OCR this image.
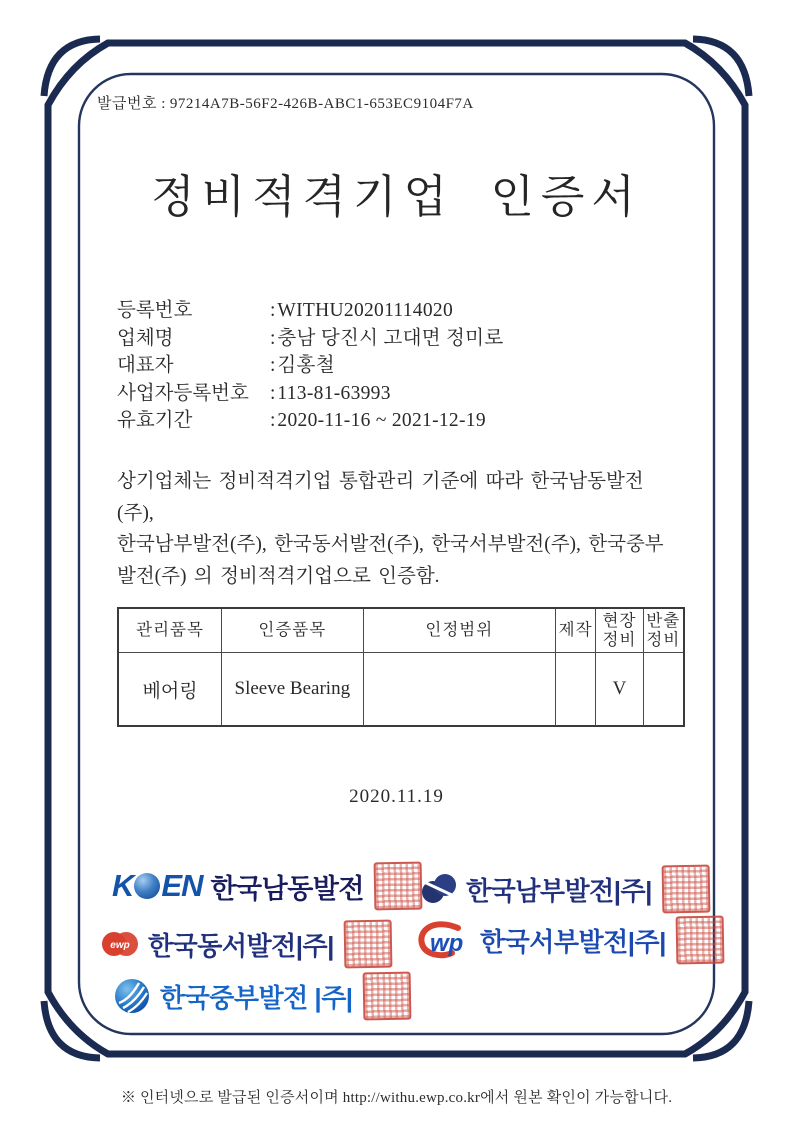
발급번호 : 97214A7B-56F2-426B-ABC1-653EC9104F7A
정비적격기업  인증서
등록번호	: WITHU20201114020
업체명	: 충남 당진시 고대면 정미로
대표자	: 김홍철
사업자등록번호 : 113-81-63993
유효기간	: 2020-11-16 ~ 2021-12-19
상기업체는 정비적격기업 통합관리 기준에 따라 한국남동발전
(주),
한국남부발전(주), 한국동서발전(주), 한국서부발전(주), 한국중부
발전(주) 의 정비적격기업으로 인증함.
관리품목	인증품목	인정범위	제작	현장 정비	반출 정비
베어링	Sleeve Bearing			V	
2020.11.19
K EN 한국남동발전	한국남부발전|주|
ewp 한국동서발전|주|	wp 한국서부발전|주|
한국중부발전 |주|
※ 인터넷으로 발급된 인증서이며 http://withu.ewp.co.kr에서 원본 확인이 가능합니다.
